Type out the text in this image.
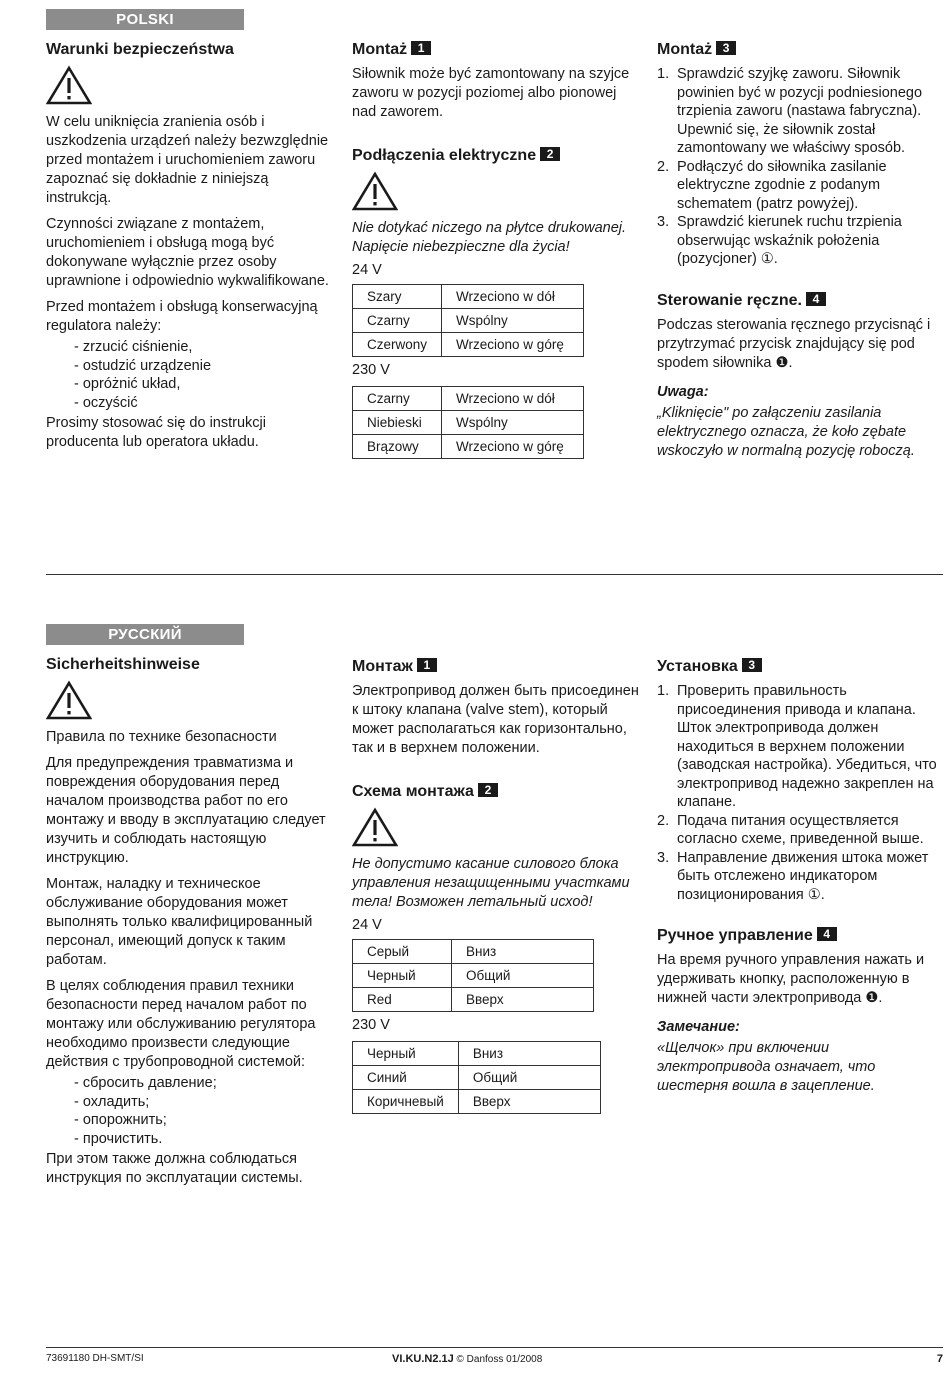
POLSKI
Warunki bezpieczeństwa

W celu uniknięcia zranienia osób i uszkodzenia urządzeń należy bezwzględnie przed montażem i uruchomieniem zaworu zapoznać się dokładnie z niniejszą instrukcją.

Czynności związane z montażem, uruchomieniem i obsługą mogą być dokonywane wyłącznie przez osoby uprawnione i odpowiednio wykwalifikowane.

Przed montażem i obsługą konserwacyjną regulatora należy:

- zrzucić ciśnienie,
- ostudzić urządzenie
- opróżnić układ,
- oczyścić

Prosimy stosować się do instrukcji producenta lub operatora układu.

Montaż 1

Siłownik może być zamontowany na szyjce zaworu w pozycji poziomej albo pionowej nad zaworem.

Podłączenia elektryczne 2

Nie dotykać niczego na płytce drukowanej. Napięcie niebezpieczne dla życia!

24 V
Szary	Wrzeciono w dół
Czarny	Wspólny
Czerwony	Wrzeciono w górę
230 V
Czarny	Wrzeciono w dół
Niebieski	Wspólny
Brązowy	Wrzeciono w górę
Montaż 3
1. Sprawdzić szyjkę zaworu. Siłownik powinien być w pozycji podniesionego trzpienia zaworu (nastawa fabryczna). Upewnić się, że siłownik został zamontowany we właściwy sposób.
2. Podłączyć do siłownika zasilanie elektryczne zgodnie z podanym schematem (patrz powyżej).
3. Sprawdzić kierunek ruchu trzpienia obserwując wskaźnik położenia (pozycjoner) ①.
Sterowanie ręczne. 4

Podczas sterowania ręcznego przycisnąć i przytrzymać przycisk znajdujący się pod spodem siłownika ❶.

Uwaga:

„Kliknięcie" po załączeniu zasilania elektrycznego oznacza, że koło zębate wskoczyło w normalną pozycję roboczą.

РУССКИЙ
Sicherheitshinweise

Правила по технике безопасности

Для предупреждения травматизма и повреждения оборудования перед началом производства работ по его монтажу и вводу в эксплуатацию следует изучить и соблюдать настоящую инструкцию.

Монтаж, наладку и техническое обслуживание оборудования может выполнять только квалифицированный персонал, имеющий допуск к таким работам.

В целях соблюдения правил техники безопасности перед началом работ по монтажу или обслуживанию регулятора необходимо произвести следующие действия с трубопроводной системой:

- сбросить давление;
- охладить;
- опорожнить;
- прочистить.

При этом также должна соблюдаться инструкция по эксплуатации системы.

Монтаж 1

Электропривод должен быть присоединен к штоку клапана (valve stem), который может располагаться как горизонтально, так и в верхнем положении.

Схема монтажа 2

Не допустимо касание силового блока управления незащищенными участками тела! Возможен летальный исход!

24 V
Серый	Вниз
Черный	Общий
Red	Вверх
230 V
Черный	Вниз
Синий	Общий
Коричневый	Вверх
Установка 3
1. Проверить правильность присоединения привода и клапана. Шток электропривода должен находиться в верхнем положении (заводская настройка). Убедиться, что электропривод надежно закреплен на клапане.
2. Подача питания осуществляется согласно схеме, приведенной выше.
3. Направление движения штока может быть отслежено индикатором позиционирования ①.
Ручное управление 4

На время ручного управления нажать и удерживать кнопку, расположенную в нижней части электропривода ❶.

Замечание:

«Щелчок» при включении электропривода означает, что шестерня вошла в зацепление.

73691180 DH-SMT/SI	VI.KU.N2.1J © Danfoss 01/2008	7
